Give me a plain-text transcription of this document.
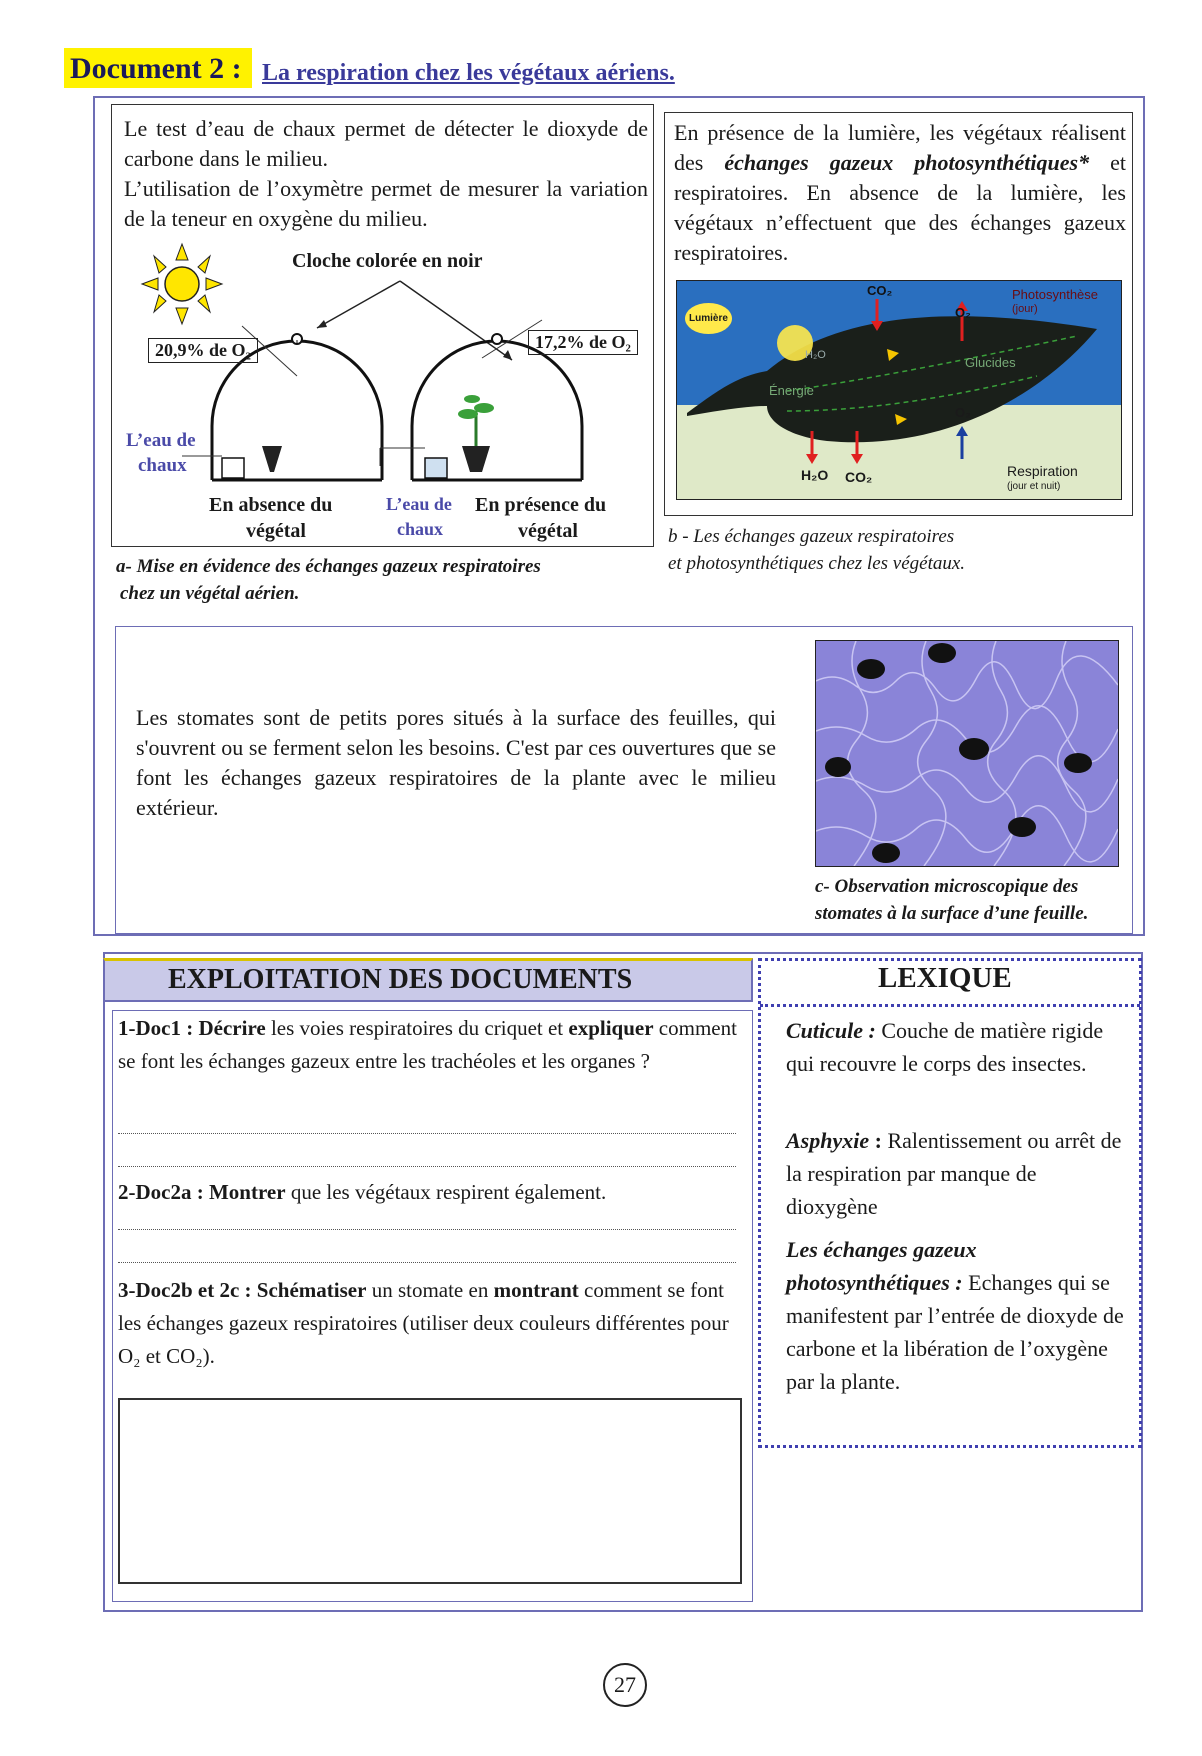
Document 2 : La respiration chez les végétaux aériens.
Le test d’eau de chaux permet de détecter le dioxyde de carbone dans le milieu.
L’utilisation de l’oxymètre permet de mesurer la variation de la teneur en oxygène du milieu.
Cloche colorée en noir
20,9% de O₂	17,2% de O₂
L’eau de
chaux
L’eau de
chaux
En absence du
végétal
En présence du
végétal
a- Mise en évidence des échanges gazeux respiratoires
chez un végétal aérien.
En présence de la lumière, les végétaux réalisent des échanges gazeux photosynthétiques* et respiratoires. En absence de la lumière, les végétaux n’effectuent que des échanges gazeux respiratoires.
Lumière
CO₂
O₂
Photosynthèse
(jour)
H₂O	Glucides
Énergie
H₂O CO₂
O₂
Respiration
(jour et nuit)
b - Les échanges gazeux respiratoires
et photosynthétiques chez les végétaux.
Les stomates sont de petits pores situés à la surface des feuilles, qui s'ouvrent ou se ferment selon les besoins. C'est par ces ouvertures que se font les échanges gazeux respiratoires de la plante avec le milieu extérieur.
c- Observation microscopique des
stomates à la surface d’une feuille.
EXPLOITATION DES DOCUMENTS
1-Doc1 : Décrire les voies respiratoires du criquet et expliquer comment se font les échanges gazeux entre les trachéoles et les organes ?
2-Doc2a : Montrer que les végétaux respirent également.
3-Doc2b et 2c : Schématiser un stomate en montrant comment se font les échanges gazeux respiratoires (utiliser deux couleurs différentes pour O₂ et CO₂).
LEXIQUE
Cuticule : Couche de matière rigide qui recouvre le corps des insectes.
Asphyxie : Ralentissement ou arrêt de la respiration par manque de dioxygène
Les échanges gazeux photosynthétiques : Echanges qui se manifestent par l’entrée de dioxyde de carbone et la libération de l’oxygène par la plante.
27
